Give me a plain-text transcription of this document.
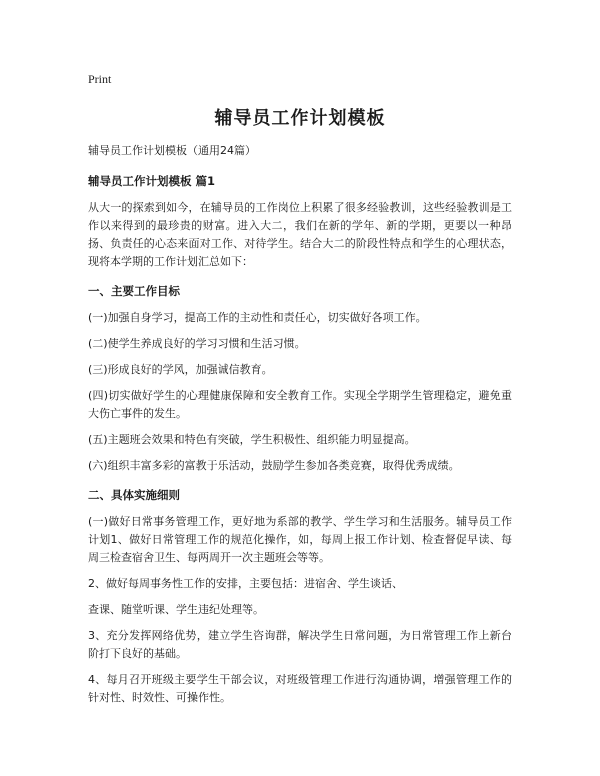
Print

辅导员工作计划模板

辅导员工作计划模板（通用24篇）

辅导员工作计划模板 篇1

从大一的探索到如今，在辅导员的工作岗位上积累了很多经验教训，这些经验教训是工作以来得到的最珍贵的财富。进入大二，我们在新的学年、新的学期，更要以一种昂扬、负责任的心态来面对工作、对待学生。结合大二的阶段性特点和学生的心理状态，现将本学期的工作计划汇总如下：

一、主要工作目标

(一)加强自身学习，提高工作的主动性和责任心，切实做好各项工作。

(二)使学生养成良好的学习习惯和生活习惯。

(三)形成良好的学风，加强诚信教育。

(四)切实做好学生的心理健康保障和安全教育工作。实现全学期学生管理稳定，避免重大伤亡事件的发生。

(五)主题班会效果和特色有突破，学生积极性、组织能力明显提高。

(六)组织丰富多彩的富教于乐活动，鼓励学生参加各类竞赛，取得优秀成绩。

二、具体实施细则

(一)做好日常事务管理工作，更好地为系部的教学、学生学习和生活服务。辅导员工作计划1、做好日常管理工作的规范化操作，如，每周上报工作计划、检查督促早读、每周三检查宿舍卫生、每两周开一次主题班会等等。

2、做好每周事务性工作的安排，主要包括：进宿舍、学生谈话、

查课、随堂听课、学生违纪处理等。

3、充分发挥网络优势，建立学生咨询群，解决学生日常问题，为日常管理工作上新台阶打下良好的基础。

4、每月召开班级主要学生干部会议，对班级管理工作进行沟通协调，增强管理工作的针对性、时效性、可操作性。
